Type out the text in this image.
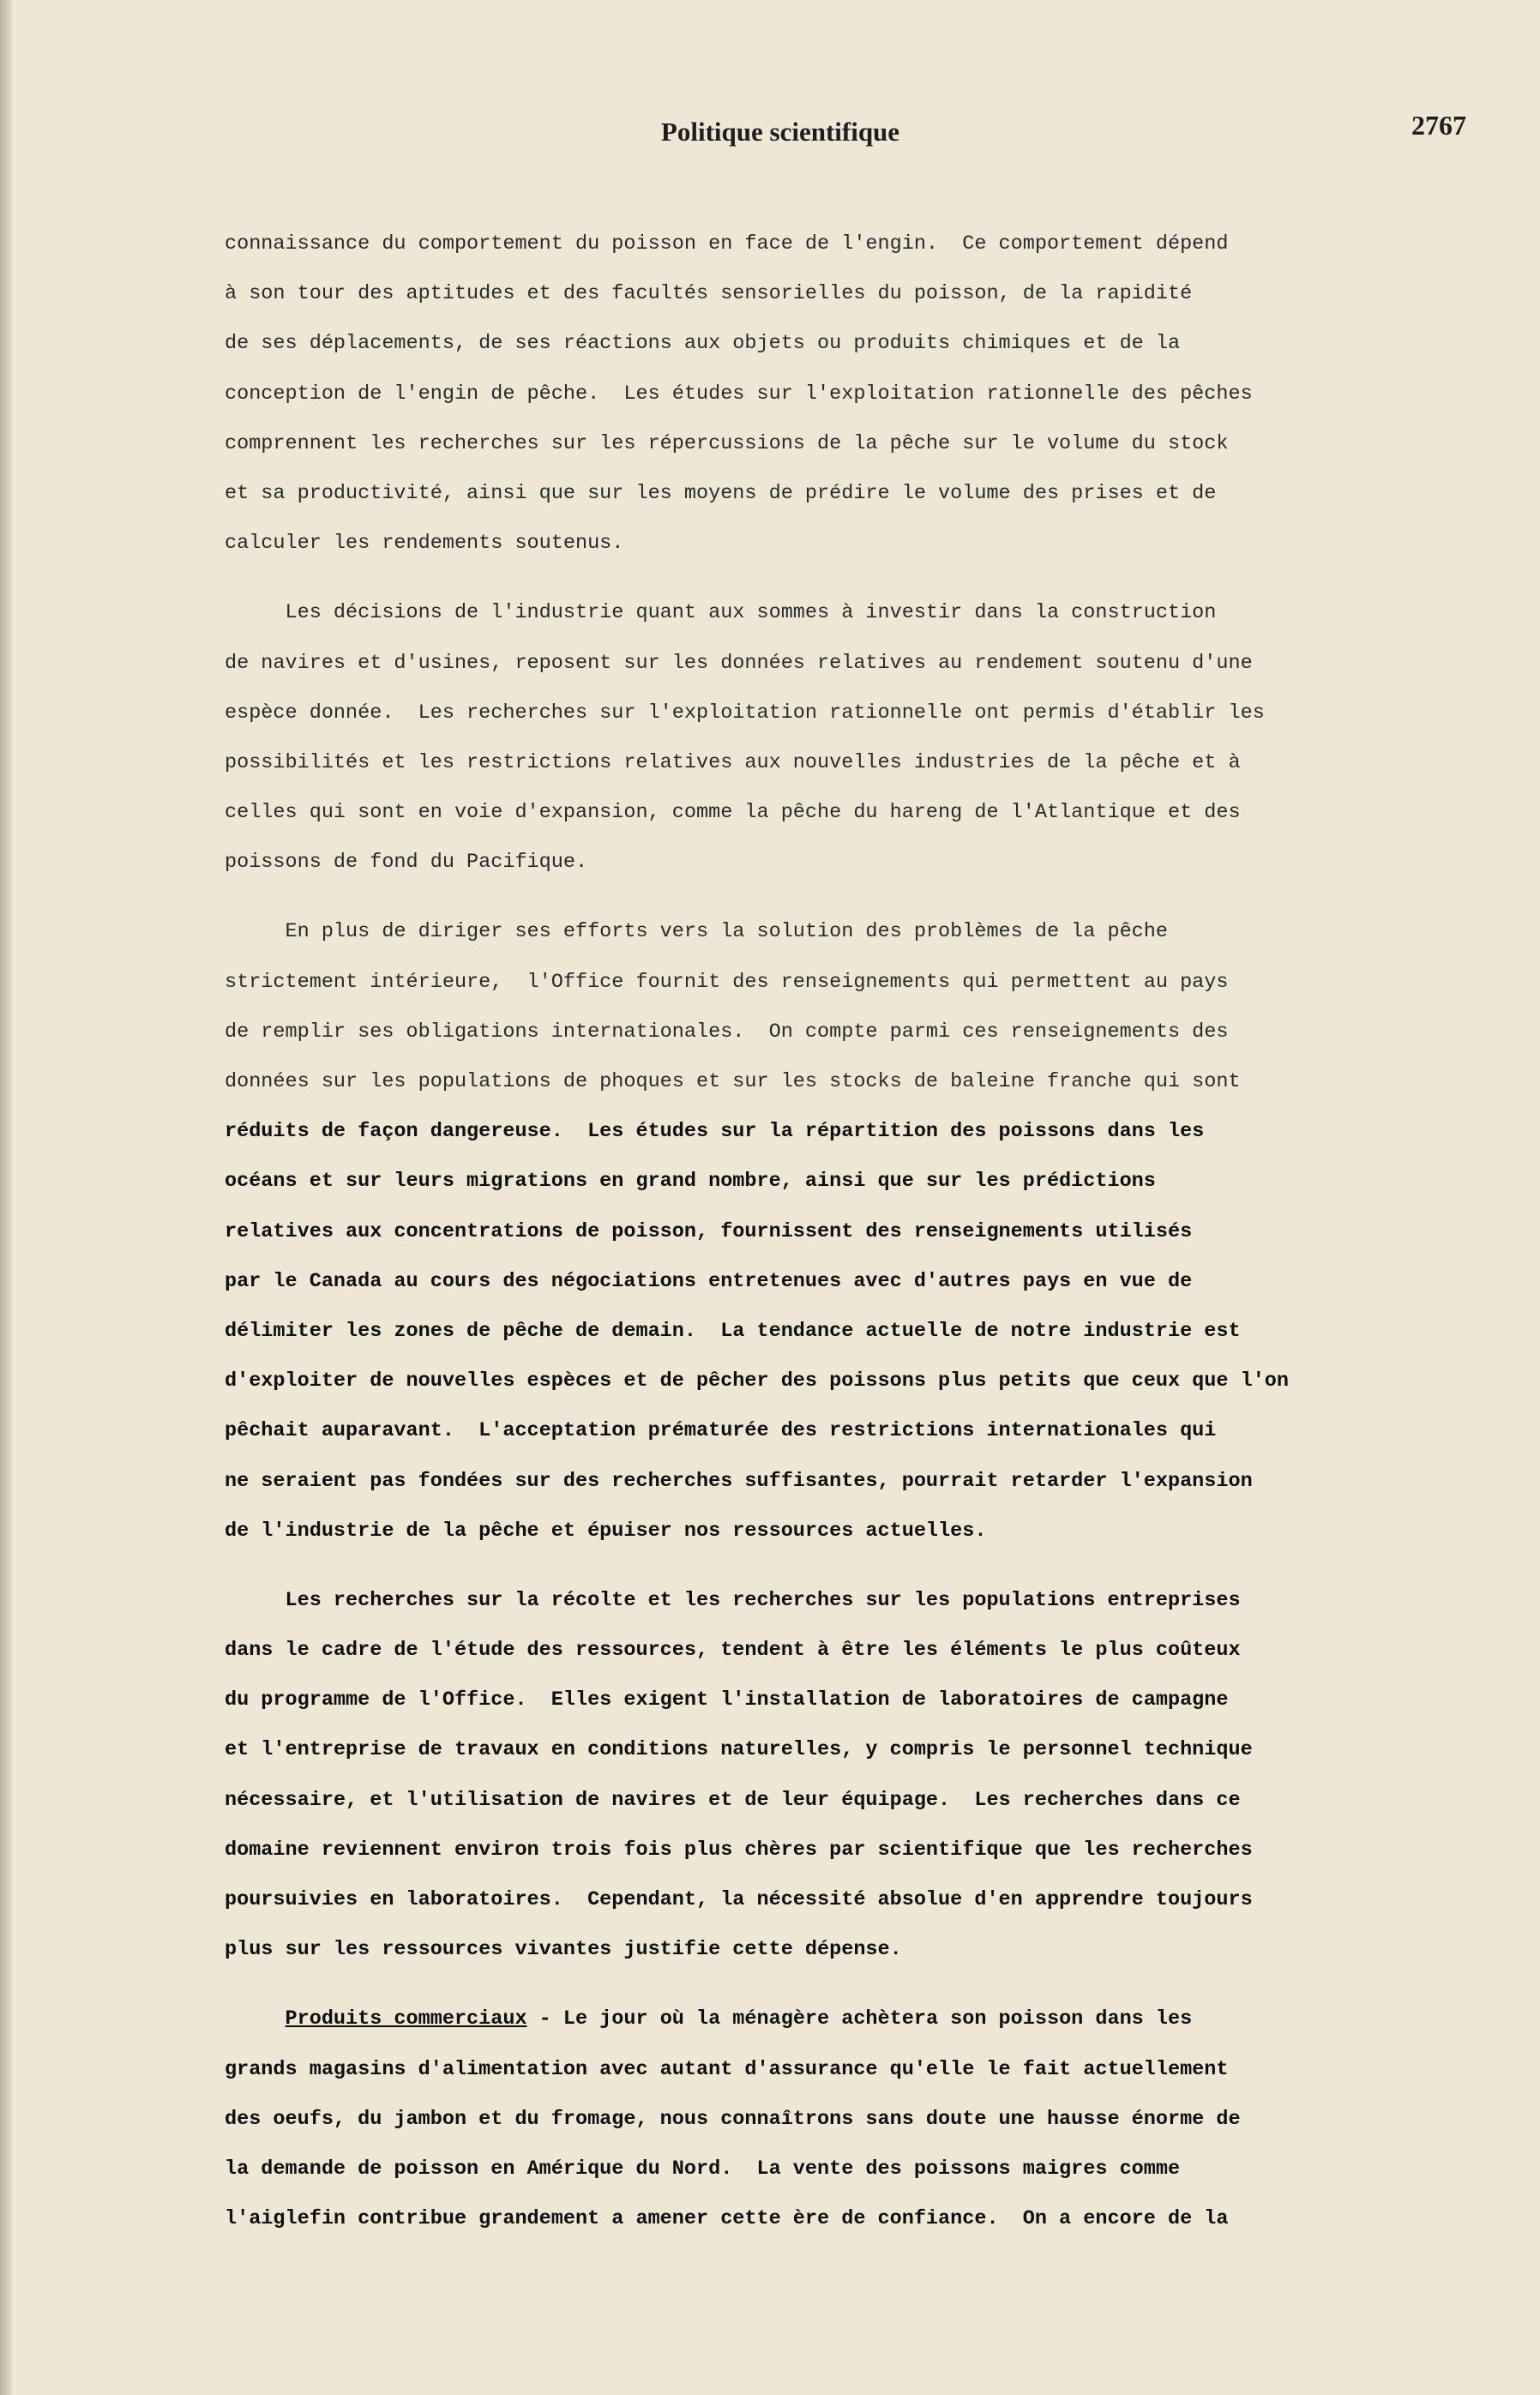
Politique scientifique	2767
connaissance du comportement du poisson en face de l'engin.  Ce comportement dépend
à son tour des aptitudes et des facultés sensorielles du poisson, de la rapidité
de ses déplacements, de ses réactions aux objets ou produits chimiques et de la
conception de l'engin de pêche.  Les études sur l'exploitation rationnelle des pêches
comprennent les recherches sur les répercussions de la pêche sur le volume du stock
et sa productivité, ainsi que sur les moyens de prédire le volume des prises et de
calculer les rendements soutenus.
Les décisions de l'industrie quant aux sommes à investir dans la construction
de navires et d'usines, reposent sur les données relatives au rendement soutenu d'une
espèce donnée.  Les recherches sur l'exploitation rationnelle ont permis d'établir les
possibilités et les restrictions relatives aux nouvelles industries de la pêche et à
celles qui sont en voie d'expansion, comme la pêche du hareng de l'Atlantique et des
poissons de fond du Pacifique.
En plus de diriger ses efforts vers la solution des problèmes de la pêche
strictement intérieure,  l'Office fournit des renseignements qui permettent au pays
de remplir ses obligations internationales.  On compte parmi ces renseignements des
données sur les populations de phoques et sur les stocks de baleine franche qui sont
réduits de façon dangereuse.  Les études sur la répartition des poissons dans les
océans et sur leurs migrations en grand nombre, ainsi que sur les prédictions
relatives aux concentrations de poisson, fournissent des renseignements utilisés
par le Canada au cours des négociations entretenues avec d'autres pays en vue de
délimiter les zones de pêche de demain.  La tendance actuelle de notre industrie est
d'exploiter de nouvelles espèces et de pêcher des poissons plus petits que ceux que l'on
pêchait auparavant.  L'acceptation prématurée des restrictions internationales qui
ne seraient pas fondées sur des recherches suffisantes, pourrait retarder l'expansion
de l'industrie de la pêche et épuiser nos ressources actuelles.
Les recherches sur la récolte et les recherches sur les populations entreprises
dans le cadre de l'étude des ressources, tendent à être les éléments le plus coûteux
du programme de l'Office.  Elles exigent l'installation de laboratoires de campagne
et l'entreprise de travaux en conditions naturelles, y compris le personnel technique
nécessaire, et l'utilisation de navires et de leur équipage.  Les recherches dans ce
domaine reviennent environ trois fois plus chères par scientifique que les recherches
poursuivies en laboratoires.  Cependant, la nécessité absolue d'en apprendre toujours
plus sur les ressources vivantes justifie cette dépense.
Produits commerciaux - Le jour où la ménagère achètera son poisson dans les
grands magasins d'alimentation avec autant d'assurance qu'elle le fait actuellement
des oeufs, du jambon et du fromage, nous connaîtrons sans doute une hausse énorme de
la demande de poisson en Amérique du Nord.  La vente des poissons maigres comme
l'aiglefin contribue grandement a amener cette ère de confiance.  On a encore de la
